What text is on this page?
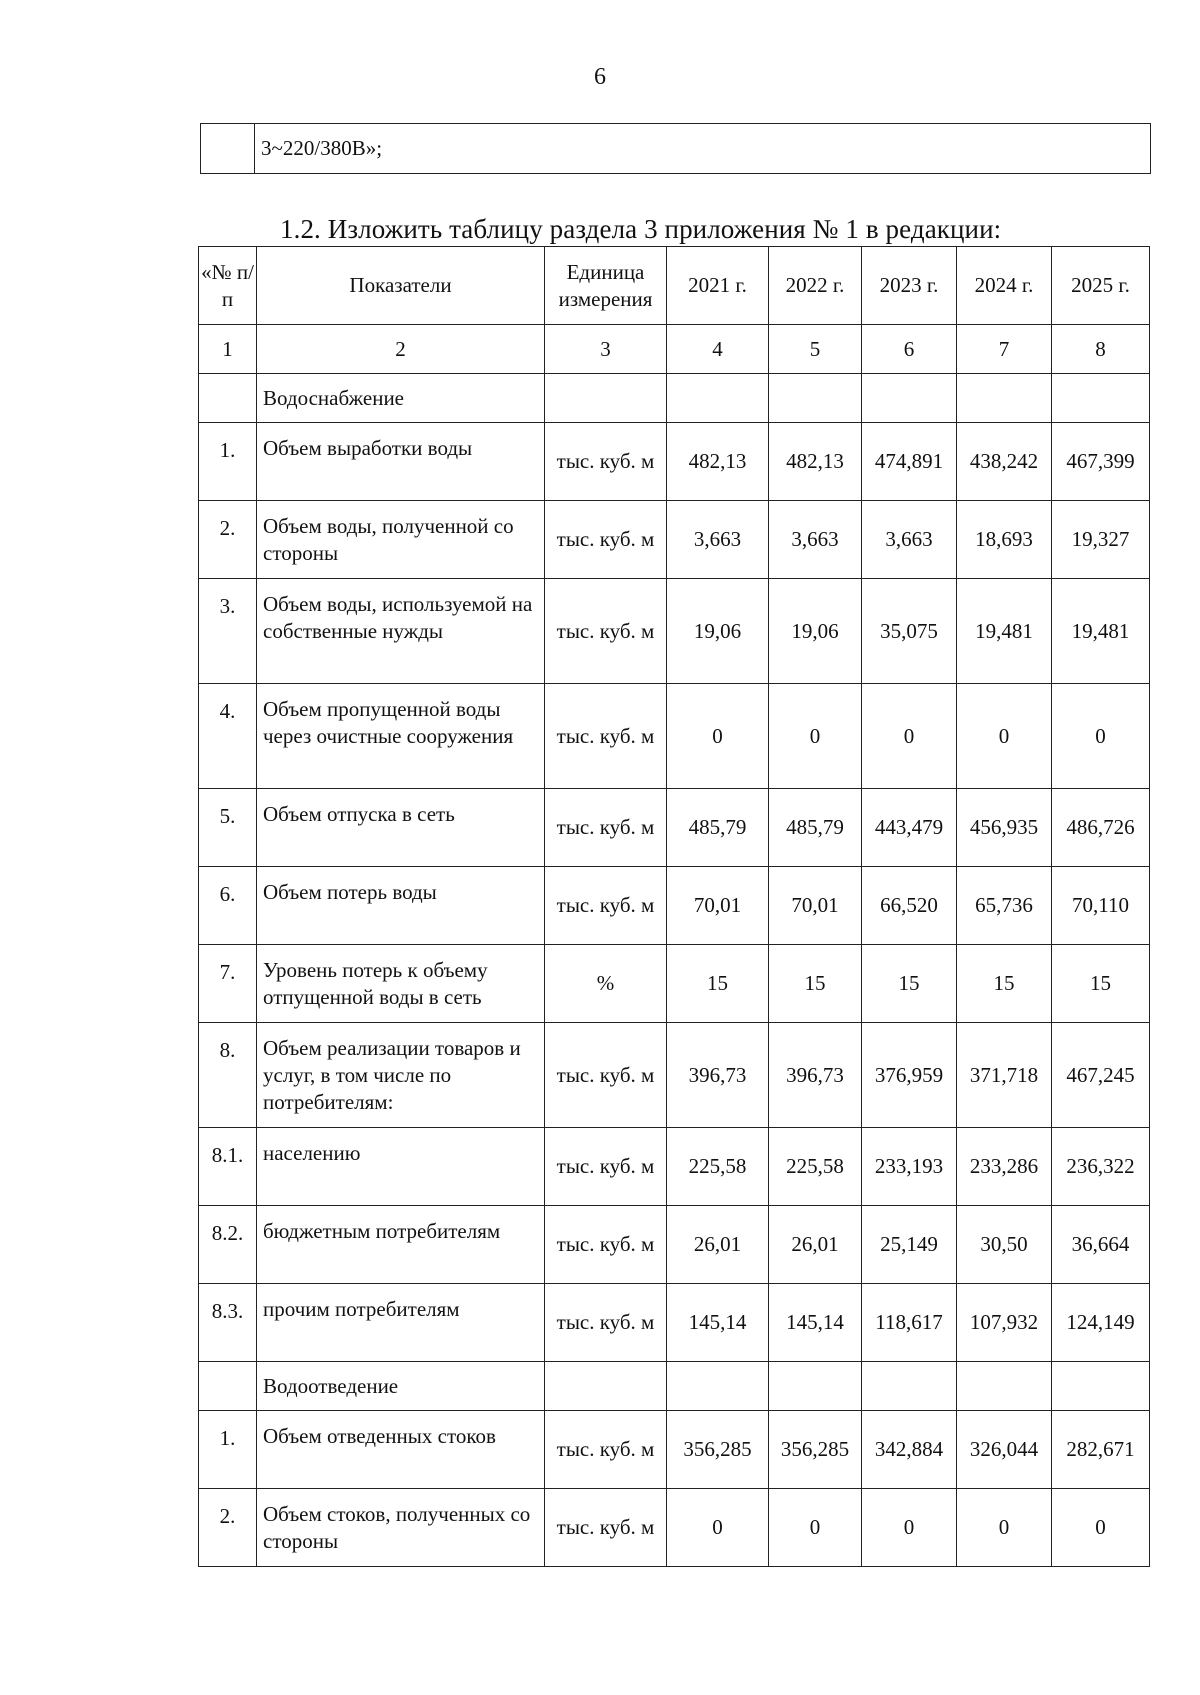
6
	3~220/380В»;
1.2. Изложить таблицу раздела 3 приложения № 1 в редакции:
«№ п/п	Показатели	Единица измерения	2021 г.	2022 г.	2023 г.	2024 г.	2025 г.
1	2	3	4	5	6	7	8
	Водоснабжение						
1.	Объем выработки воды	тыс. куб. м	482,13	482,13	474,891	438,242	467,399
2.	Объем воды, полученной со стороны	тыс. куб. м	3,663	3,663	3,663	18,693	19,327
3.	Объем воды, используемой на собственные нужды	тыс. куб. м	19,06	19,06	35,075	19,481	19,481
4.	Объем пропущенной воды через очистные сооружения	тыс. куб. м	0	0	0	0	0
5.	Объем отпуска в сеть	тыс. куб. м	485,79	485,79	443,479	456,935	486,726
6.	Объем потерь воды	тыс. куб. м	70,01	70,01	66,520	65,736	70,110
7.	Уровень потерь к объему отпущенной воды в сеть	%	15	15	15	15	15
8.	Объем реализации товаров и услуг, в том числе по потребителям:	тыс. куб. м	396,73	396,73	376,959	371,718	467,245
8.1.	населению	тыс. куб. м	225,58	225,58	233,193	233,286	236,322
8.2.	бюджетным потребителям	тыс. куб. м	26,01	26,01	25,149	30,50	36,664
8.3.	прочим потребителям	тыс. куб. м	145,14	145,14	118,617	107,932	124,149
	Водоотведение						
1.	Объем отведенных стоков	тыс. куб. м	356,285	356,285	342,884	326,044	282,671
2.	Объем стоков, полученных со стороны	тыс. куб. м	0	0	0	0	0
